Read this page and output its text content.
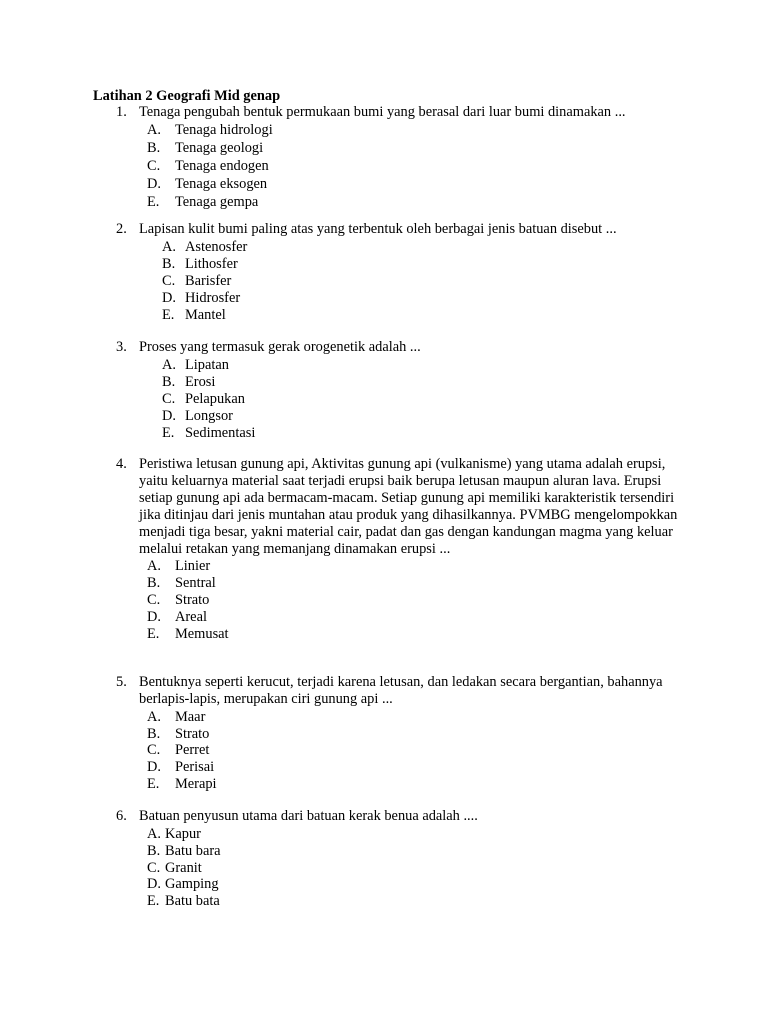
Latihan 2 Geografi Mid genap
1. Tenaga pengubah bentuk permukaan bumi yang berasal dari luar bumi dinamakan ...
A. Tenaga hidrologi
B. Tenaga geologi
C. Tenaga endogen
D. Tenaga eksogen
E. Tenaga gempa
2. Lapisan kulit bumi paling atas yang terbentuk oleh berbagai jenis batuan disebut ...
A. Astenosfer
B. Lithosfer
C. Barisfer
D. Hidrosfer
E. Mantel
3. Proses yang termasuk gerak orogenetik adalah ...
A. Lipatan
B. Erosi
C. Pelapukan
D. Longsor
E. Sedimentasi
4. Peristiwa letusan gunung api, Aktivitas gunung api (vulkanisme) yang utama adalah erupsi, yaitu keluarnya material saat terjadi erupsi baik berupa letusan maupun aluran lava. Erupsi setiap gunung api ada bermacam-macam. Setiap gunung api memiliki karakteristik tersendiri jika ditinjau dari jenis muntahan atau produk yang dihasilkannya. PVMBG mengelompokkan menjadi tiga besar, yakni material cair, padat dan gas dengan kandungan magma yang keluar melalui retakan yang memanjang dinamakan erupsi ...
A. Linier
B. Sentral
C. Strato
D. Areal
E. Memusat
5. Bentuknya seperti kerucut, terjadi karena letusan, dan ledakan secara bergantian, bahannya berlapis-lapis, merupakan ciri gunung api ...
A. Maar
B. Strato
C. Perret
D. Perisai
E. Merapi
6. Batuan penyusun utama dari batuan kerak benua adalah ....
A. Kapur
B. Batu bara
C. Granit
D. Gamping
E. Batu bata
